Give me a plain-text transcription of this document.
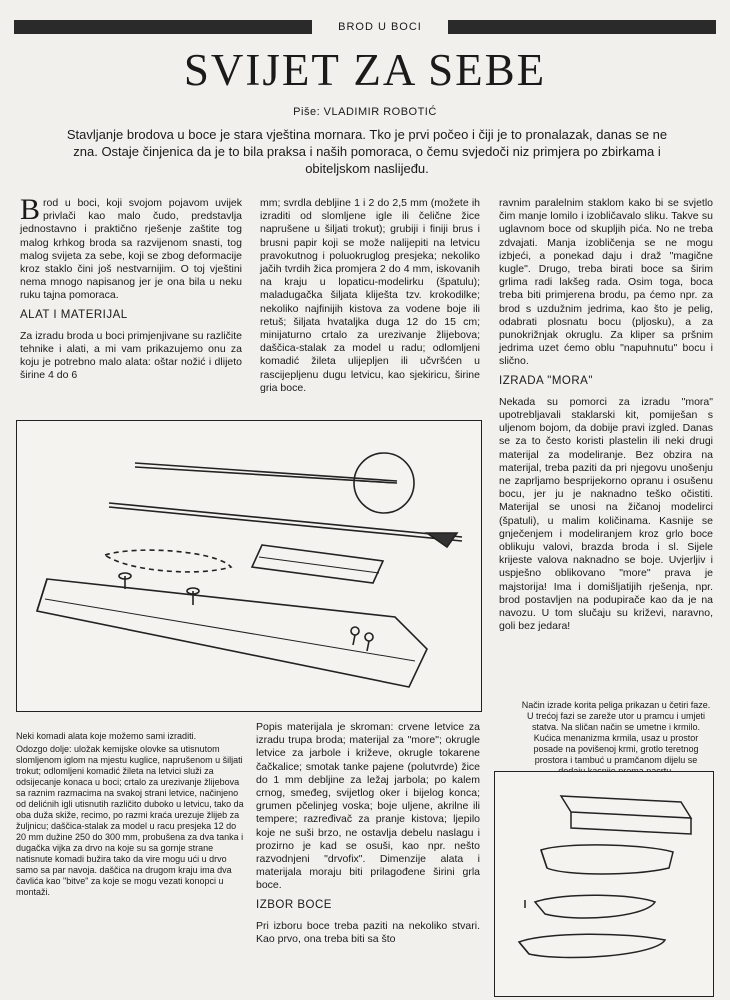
BROD U BOCI
SVIJET ZA SEBE
Piše: VLADIMIR ROBOTIĆ
Stavljanje brodova u boce je stara vještina mornara. Tko je prvi počeo i čiji je to pronalazak, danas se ne zna. Ostaje činjenica da je to bila praksa i naših pomoraca, o čemu svjedoči niz primjera po zbirkama i obiteljskom naslijeđu.

Brod u boci, koji svojom pojavom uvijek privlači kao malo čudo, predstavlja jednostavno i praktično rješenje zaštite tog malog krhkog broda sa razvijenom snasti, tog malog svijeta za sebe, koji se zbog deformacije kroz staklo čini još nestvarnijim. O toj vještini nema mnogo napisanog jer je ona bila u neku ruku tajna pomoraca.

ALAT I MATERIJAL

Za izradu broda u boci primjenjivane su različite tehnike i alati, a mi vam prikazujemo onu za koju je potrebno malo alata: oštar nožić i dlijeto širine 4 do 6

mm; svrdla debljine 1 i 2 do 2,5 mm (možete ih izraditi od slomljene igle ili čeličnе žice naprušene u šiljati trokut); grubiji i finiji brus i brusni papir koji se može nalijepiti na letvicu pravokutnog i poluokruglog presjeka; nekoliko jačih tvrdih žica promjera 2 do 4 mm, iskovanih na kraju u lopaticu-modelirku (špatulu); maladugačka šiljata kliješta tzv. krokodilke; nekoliko najfinijih kistova za vodene boje ili retuš; šiljata hvataljka duga 12 do 15 cm; minijaturno crtalo za urezivanje žlijebova; daščica-stalak za model u radu; odlomljeni komadić žileta ulijepljen ili učvršćen u rascijepljenu dugu letvicu, kao sjekiricu, širine gria boce.

ravnim paralelnim staklom kako bi se svjetlo čim manje lomilo i izobličavalo sliku. Takve su uglavnom boce od skupljih pića. No ne treba zdvajati. Manja izobličenja se ne mogu izbjeći, a ponekad daju i draž "magične kugle". Drugo, treba birati boce sa širim grlima radi lakšeg rada. Osim toga, boca treba biti primjerena brodu, pa ćemo npr. za brod s uzdužnim jedrima, kao što je pelig, odabrati plosnatu bocu (pljosku), a za punokrižnjak okruglu. Za kliper sa pršnim jedrima uzet ćemo oblu "napuhnutu" bocu i slično.

IZRADA "MORA"

Nekada su pomorci za izradu "mora" upotrebljavali staklarski kit, pomiješan s uljenom bojom, da dobije pravi izgled. Danas se za to često koristi plastelin ili neki drugi materijal za modeliranje. Bez obzira na materijal, treba paziti da pri njegovu unošenju ne zaprljamo besprijekorno opranu i osušenu bocu, jer ju je naknadno teško očistiti. Materijal se unosi na žičanoj modelirci (špatuli), u malim količinama. Kasnije se gnječenjem i modeliranjem kroz grlo boce oblikuju valovi, brazda broda i sl. Sijele krijeste valova naknadno se boje. Uvjerljiv i uspješno oblikovano "more" prava je majstorija! Ima i domišljatijih rješenja, npr. brod postavljen na podupirače kao da je na navozu. U tom slučaju su križevi, naravno, goli bez jedara!

Neki komadi alata koje možemo sami izraditi.

Odozgo dolje: uložak kemijske olovke sa utisnutom slomljenom iglom na mjestu kuglice, naprušenom u šiljati trokut; odlomljeni komadić žileta na letvici služi za odsijecanje konaca u boci; crtalo za urezivanje žlijebova sa raznim razmacima na svakoj strani letvice, načinjeno od delićnih igli utisnutih različito duboko u letvicu, tako da oba duža skiže, recimo, po razmi kraća urezuje žlijeb za žuljnicu; daščica-stalak za model u racu presjeka 12 do 20 mm dužine 250 do 300 mm, probušena za dva tanka i dugačka vijka za drvo na koje su sa gornje strane natisnute komadi bužira tako da vire mogu ući u drvo samo sa par navoja. daščica na drugom kraju ima dva čavlića kao "bitve" za koje se mogu vezati konopci u montaži.

Popis materijala je skroman: crvene letvice za izradu trupa broda; materijal za "more"; okrugle letvice za jarbole i križeve, okrugle tokarene čačkalice; smotak tanke pajene (polutvrde) žice do 1 mm debljine za ležaj jarbola; po kalem crnog, smeđeg, svijetlog oker i bijelog konca; grumen pčelinjeg voska; boje uljene, akrilne ili tempere; razređivač za pranje kistova; ljepilo koje ne suši brzo, ne ostavlja debelu naslagu i prozirno je kad se osuši, kao npr. nešto razvodnjeni "drvofix". Dimenzije alata i materijala moraju biti prilagođene širini grla boce.

IZBOR BOCE

Pri izboru boce treba paziti na nekoliko stvari. Kao prvo, ona treba biti sa što

Način izrade korita peliga prikazan u četiri faze. U trećoj fazi se zareže utor u pramcu i umjeti statva. Na sličan način se umetne i krmilo. Kućica menanizma krmila, usaz u prostor posade na povišenoj krmi, grotlo teretnog prostora i tambuć u pramčanom dijelu se
